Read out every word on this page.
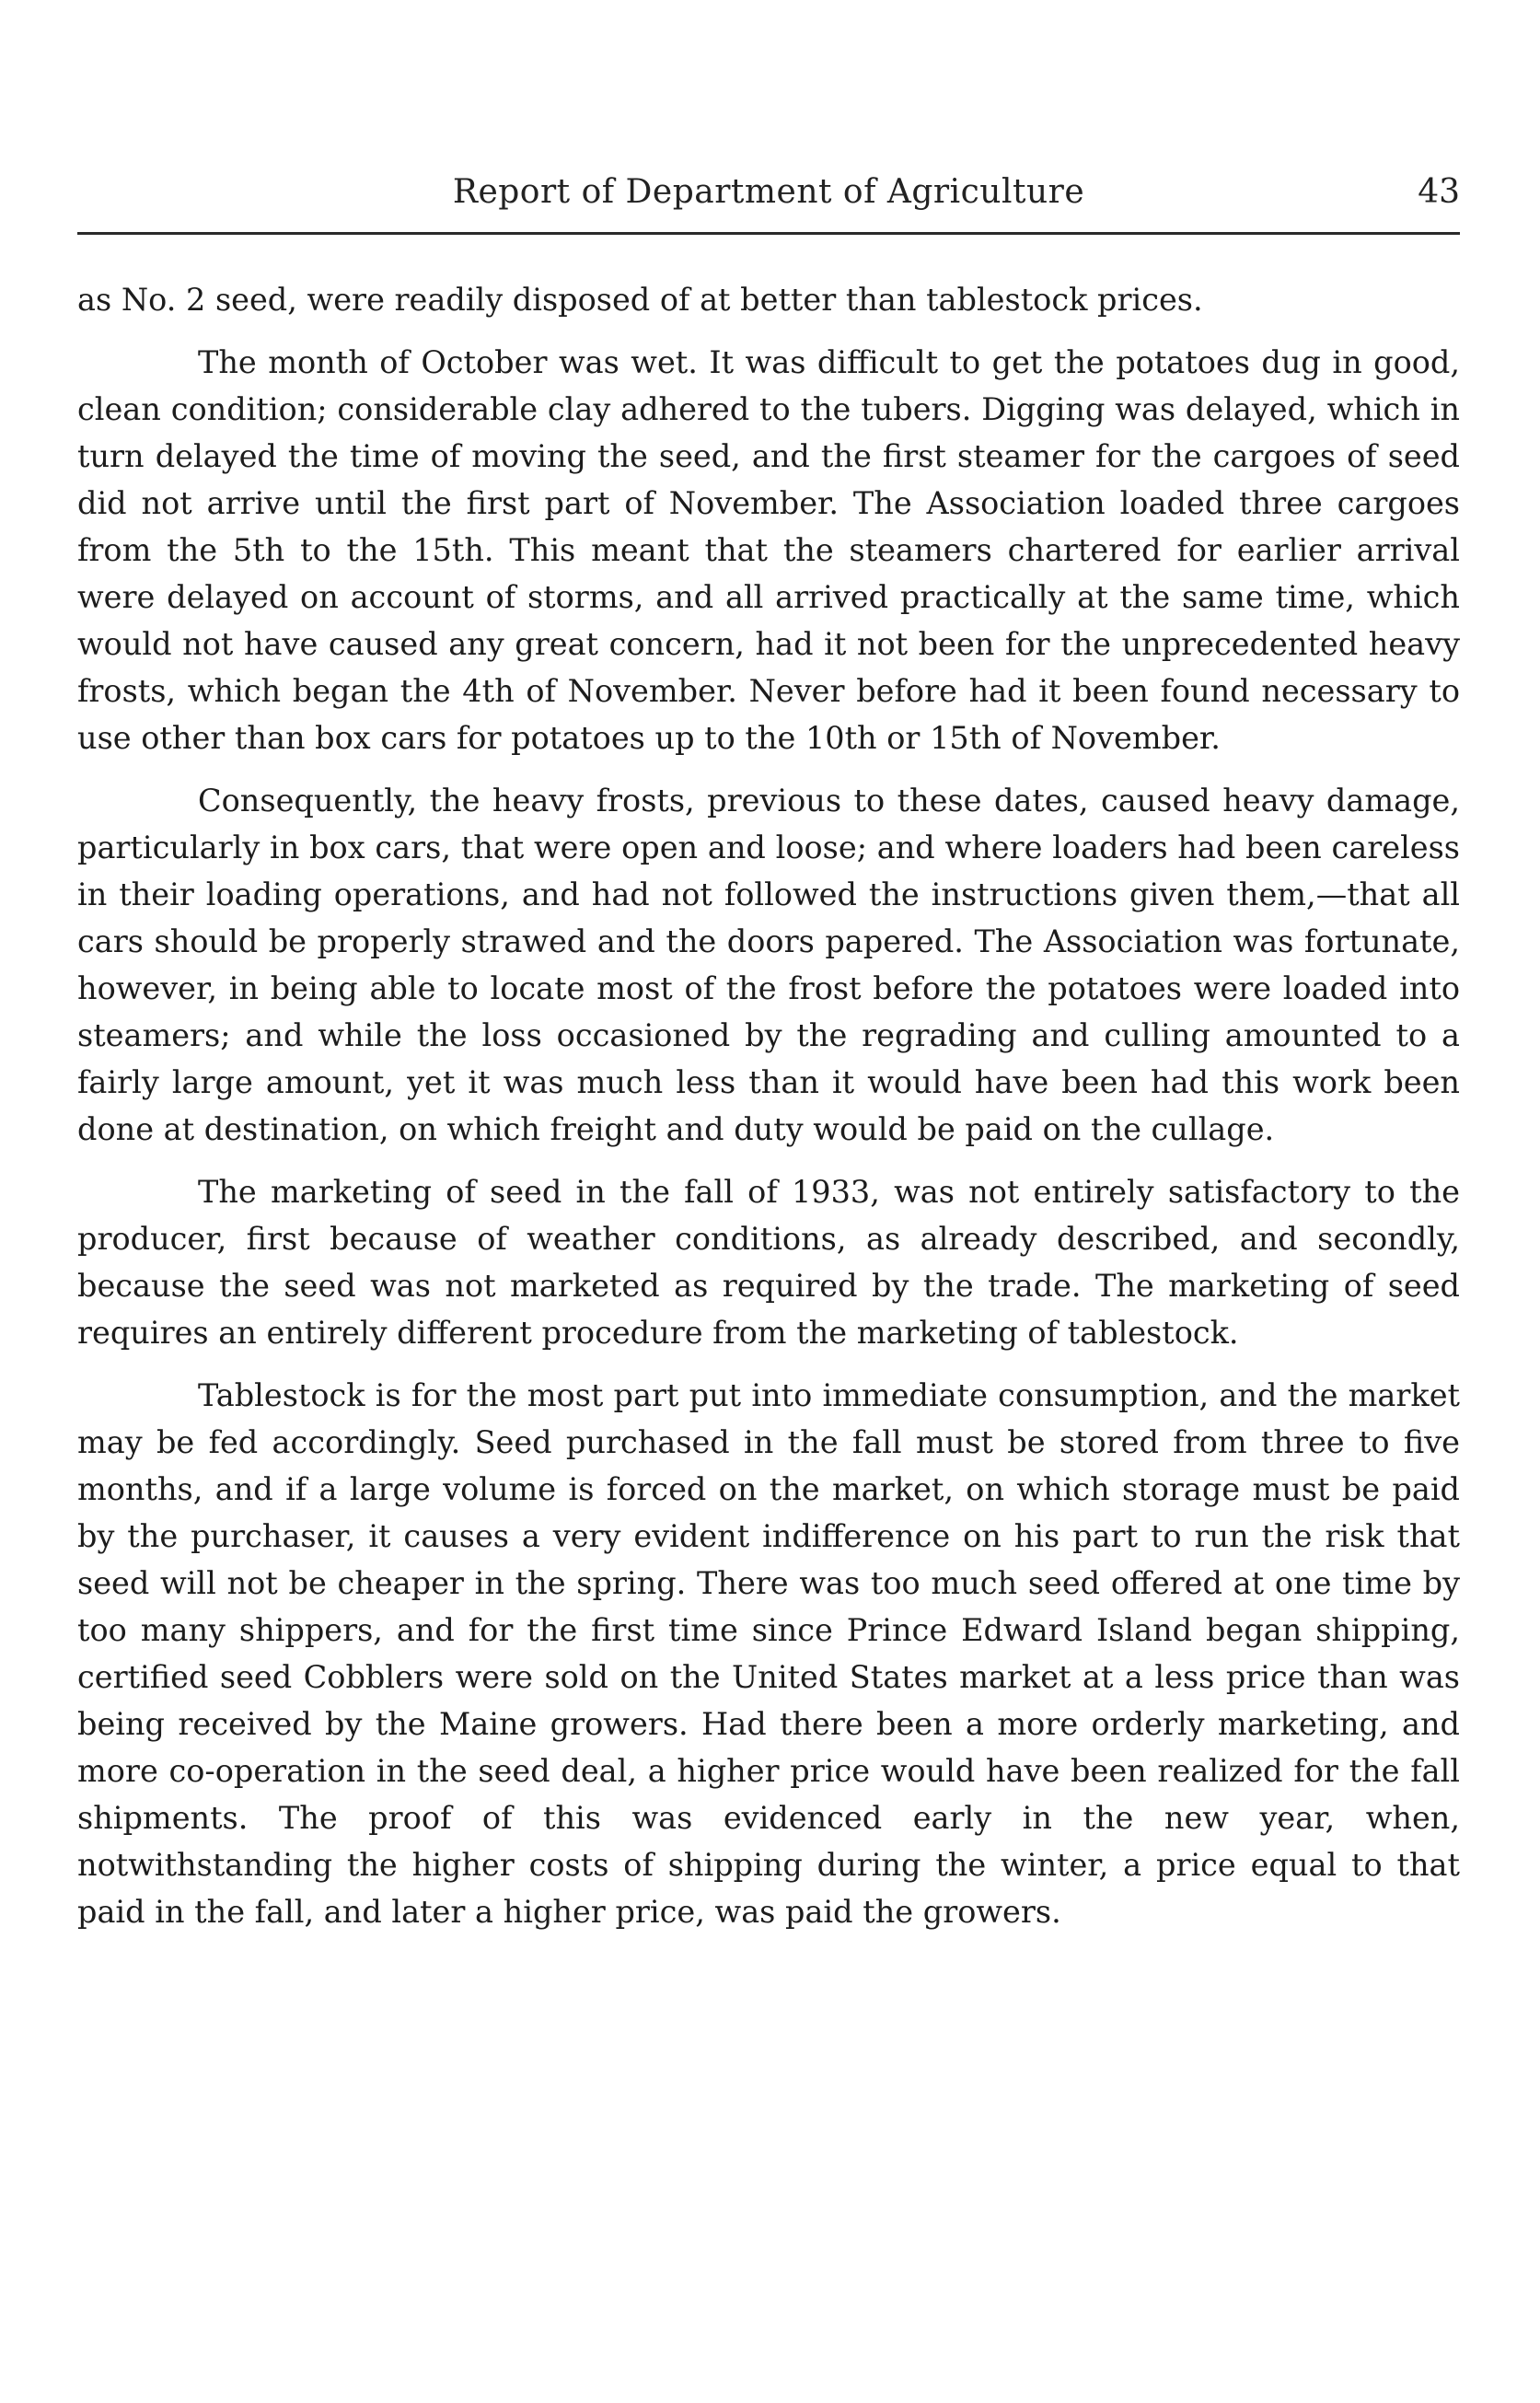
Report of Department of Agriculture	43

as No. 2 seed, were readily disposed of at better than tablestock prices.

The month of October was wet. It was difficult to get the potatoes dug in good, clean condition; considerable clay adhered to the tubers. Digging was delayed, which in turn delayed the time of moving the seed, and the first steamer for the cargoes of seed did not arrive until the first part of November. The Association loaded three cargoes from the 5th to the 15th. This meant that the steamers chartered for earlier arrival were delayed on account of storms, and all arrived practically at the same time, which would not have caused any great concern, had it not been for the unprecedented heavy frosts, which began the 4th of November. Never before had it been found necessary to use other than box cars for potatoes up to the 10th or 15th of November.

Consequently, the heavy frosts, previous to these dates, caused heavy damage, particularly in box cars, that were open and loose; and where loaders had been careless in their loading operations, and had not followed the instructions given them,—that all cars should be properly strawed and the doors papered. The Association was fortunate, however, in being able to locate most of the frost before the potatoes were loaded into steamers; and while the loss occasioned by the regrading and culling amounted to a fairly large amount, yet it was much less than it would have been had this work been done at destination, on which freight and duty would be paid on the cullage.

The marketing of seed in the fall of 1933, was not entirely satisfactory to the producer, first because of weather conditions, as already described, and secondly, because the seed was not marketed as required by the trade. The marketing of seed requires an entirely different procedure from the marketing of tablestock.

Tablestock is for the most part put into immediate consumption, and the market may be fed accordingly. Seed purchased in the fall must be stored from three to five months, and if a large volume is forced on the market, on which storage must be paid by the purchaser, it causes a very evident indifference on his part to run the risk that seed will not be cheaper in the spring. There was too much seed offered at one time by too many shippers, and for the first time since Prince Edward Island began shipping, certified seed Cobblers were sold on the United States market at a less price than was being received by the Maine growers. Had there been a more orderly marketing, and more co-operation in the seed deal, a higher price would have been realized for the fall shipments. The proof of this was evidenced early in the new year, when, notwithstanding the higher costs of shipping during the winter, a price equal to that paid in the fall, and later a higher price, was paid the growers.
